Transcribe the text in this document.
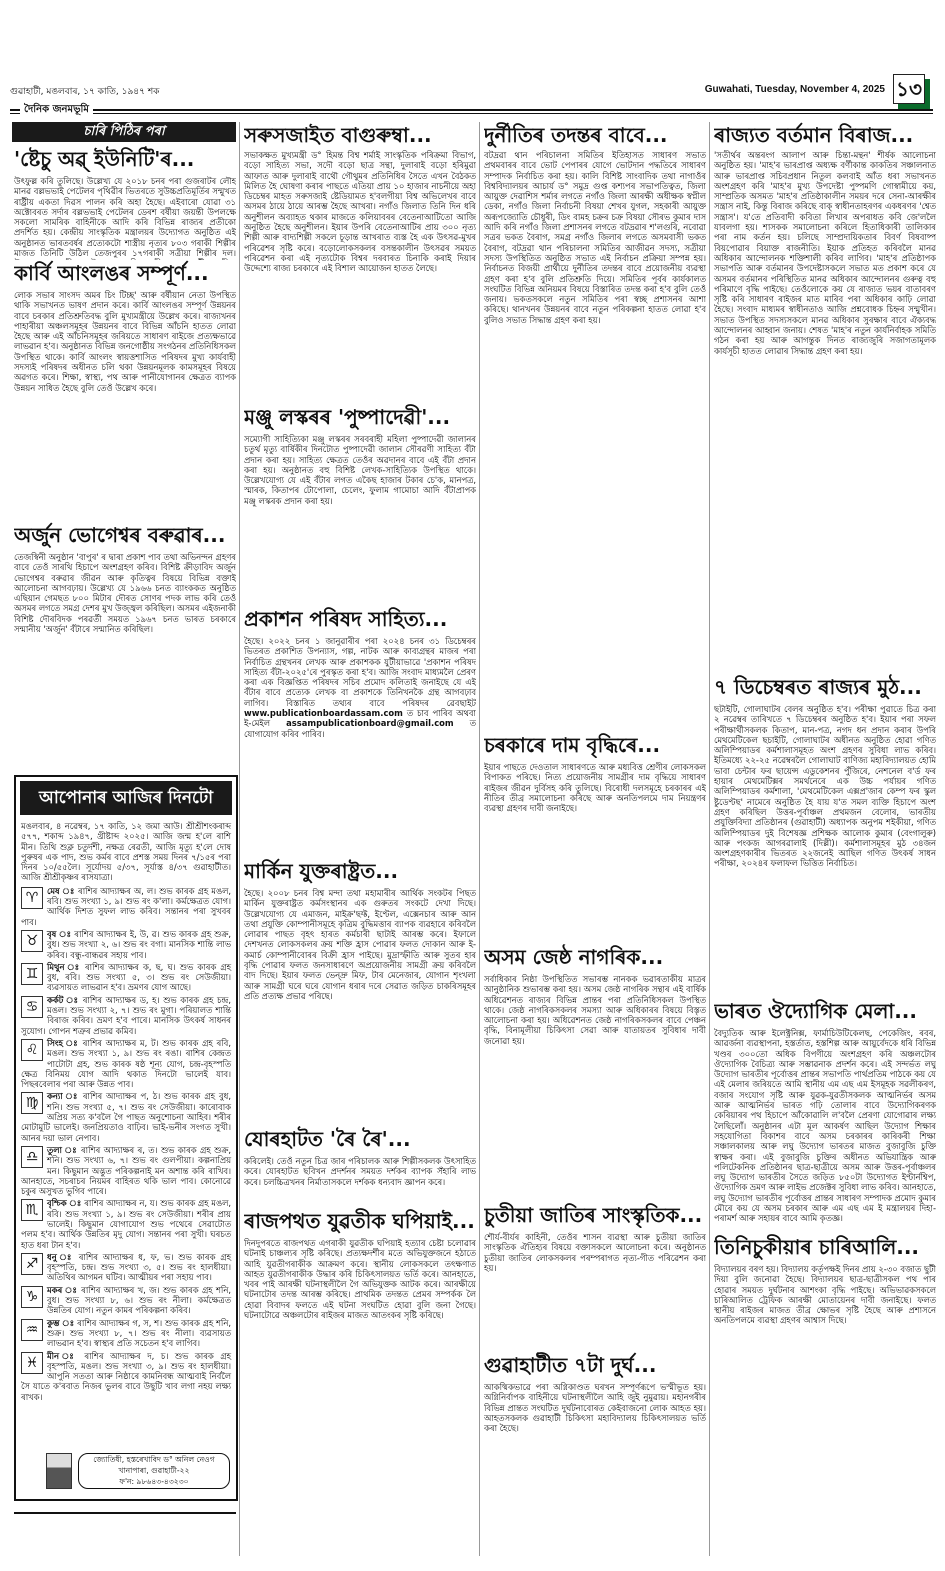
গুৱাহাটী, মঙলবাৰ, ১৭ কাতি, ১৯৪৭ শক	Guwahati, Tuesday, November 4, 2025 ১৩
দৈনিক জনমভূমি
চাৰি পিঠিৰ পৰা
'ষ্টেচু অৱ্ ইউনিটি'ৰ...
উৎফুল্ল কৰি তুলিছে। উল্লেখ্য যে ২০১৮ চনৰ পৰা গুজৰাটৰ লৌহ মানৱ বল্লভভাই পেটেলৰ পৃথিৱীৰ ভিতৰতে সুউচ্চপ্ৰতিমূৰ্তিৰ সন্মুখত ৰাষ্ট্ৰীয় একতা দিৱস পালন কৰি অহা হৈছে। এইবাৰো যোৱা ৩১ অক্টোবৰত সৰ্দাৰ বল্লভভাই পেটেলৰ ডেৰশ বৰ্ষীয়া জয়ন্তী উপলক্ষে সকলো সামৰিক বাহিনীকে আদি কৰি বিভিন্ন ৰাজ্যৰ প্ৰতীকো প্ৰদৰ্শিত হয়। কেন্দ্ৰীয় সাংস্কৃতিক মন্ত্ৰালয়ৰ উদ্যোগত অনুষ্ঠিত এই অনুষ্ঠানত ভাৰতবৰ্ষৰ প্ৰত্যেকটো শাস্ত্ৰীয় নৃত্যৰ ৮০৩ গৰাকী শিল্পীৰ মাজত তিনিটি উঠিল তেজপুৰৰ ১৭গৰাকী সত্ৰীয়া শিল্পীৰ দল।
কাৰ্বি আংলঙৰ সম্পূৰ্ণ...
লোক সভাৰ সাংসদ অমৰ চিং টিচ্ছ' আৰু বৰ্ষীয়ান নেতা উপস্থিত থাকি সভাখনত ভাষণ প্ৰদান কৰে। কাৰ্বি আংলঙৰ সম্পূৰ্ণ উন্নয়নৰ বাবে চৰকাৰ প্ৰতিশ্ৰুতিবদ্ধ বুলি মুখ্যমন্ত্ৰীয়ে উল্লেখ কৰে। ৰাজ্যখনৰ পাহাৰীয়া অঞ্চলসমূহৰ উন্নয়নৰ বাবে বিভিন্ন আঁচনি হাতত লোৱা হৈছে আৰু এই আঁচনিসমূহৰ জৰিয়তে সাধাৰণ ৰাইজে প্ৰত্যক্ষভাৱে লাভৱান হ'ব। অনুষ্ঠানত বিভিন্ন জনগোষ্ঠীয় সংগঠনৰ প্ৰতিনিধিসকল উপস্থিত থাকে। কাৰ্বি আংলং স্বায়ত্তশাসিত পৰিষদৰ মুখ্য কাৰ্যবাহী সদস্যই পৰিষদৰ অধীনত চলি থকা উন্নয়নমূলক কামসমূহৰ বিষয়ে অৱগত কৰে। শিক্ষা, স্বাস্থ্য, পথ আৰু পানীযোগানৰ ক্ষেত্ৰত ব্যাপক উন্নয়ন সাধিত হৈছে বুলি তেওঁ উল্লেখ কৰে।
অৰ্জুন ভোগেশ্বৰ বৰুৱাৰ...
তেজস্বিনী অনুষ্ঠান 'বাপুৰ' ৰ দ্বাৰা প্ৰকাশ পাব তথা অভিনন্দন গ্ৰহণৰ বাবে তেওঁ সাৰথি হিচাপে অংশগ্ৰহণ কৰিব। বিশিষ্ট ক্ৰীড়াবিদ অৰ্জুন ভোগেশ্বৰ বৰুৱাৰ জীৱন আৰু কৃতিত্বৰ বিষয়ে বিভিন্ন বক্তাই আলোচনা আগবঢ়ায়। উল্লেখ্য যে ১৯৬৬ চনত ব্যাংককত অনুষ্ঠিত এছিয়ান গেমছত ৮০০ মিটাৰ দৌৰত সোণৰ পদক লাভ কৰি তেওঁ অসমৰ লগতে সমগ্ৰ দেশৰ মুখ উজ্জ্বল কৰিছিল। অসমৰ এইজনাকী বিশিষ্ট দৌৰবিদক পৰৱৰ্তী সময়ত ১৯৬৭ চনত ভাৰত চৰকাৰে সন্মানীয় 'অৰ্জুন' বঁটাৰে সন্মানিত কৰিছিল।
আপোনাৰ আজিৰ দিনটো
মঙলবাৰ, ৪ নৱেম্বৰ, ১৭ কাতি, ১২ জমা আউ। শ্ৰীশ্ৰীশংকৰাব্দ ৫৭৭, শকাব্দ ১৯৪৭, খ্ৰীষ্টাব্দ ২০২৫। আজি জন্ম হ'লে ৰাশি মীন। তিথি শুক্ল চতুৰ্দশী, নক্ষত্ৰ ৰেৱতী, আজি মৃত্যু হ'লে দোষ পুৰুষৰ এক পাদ, শুভ কৰ্মৰ বাবে প্ৰশস্ত সময় দিনৰ ৭/১৫ৰ পৰা দিনৰ ১০/৫৫লৈ। সূৰ্যোদয় ৫/৩৭, সূৰ্যাস্ত ৪/৩৭ গুৱাহাটীত। আজি শ্ৰীশ্ৰীকৃষ্ণৰ ৰাসযাত্ৰা।
♈	মেষ ঃ ৰাশিৰ আদ্যাক্ষৰ অ, ল। শুভ কাৰক গ্ৰহ মঙল, ৰবি। শুভ সংখ্যা ১, ৯। শুভ ৰং ক'লা। কৰ্মক্ষেত্ৰত যোগ। আৰ্থিক দিশত সুফল লাভ কৰিব। সন্তানৰ পৰা সুখবৰ পাব।
♉	বৃষ ঃ ৰাশিৰ আদ্যাক্ষৰ ই, উ, ৱ। শুভ কাৰক গ্ৰহ শুক্ৰ, বুধ। শুভ সংখ্যা ২, ৬। শুভ ৰং বগা। মানসিক শান্তি লাভ কৰিব। বন্ধু-বান্ধৱৰ সহায় পাব।
♊	মিথুন ঃ ৰাশিৰ আদ্যাক্ষৰ ক, ছ, ঘ। শুভ কাৰক গ্ৰহ বুধ, ৰবি। শুভ সংখ্যা ৫, ৩। শুভ ৰং সেউজীয়া। ব্যৱসায়ত লাভৱান হ'ব। ভ্ৰমণৰ যোগ আছে।
♋	কৰ্কট ঃ ৰাশিৰ আদ্যাক্ষৰ ড, হ। শুভ কাৰক গ্ৰহ চন্দ্ৰ, মঙল। শুভ সংখ্যা ২, ৭। শুভ ৰং মুগা। পৰিয়ালত শান্তি বিৰাজ কৰিব। ভ্ৰমণ হ'ব পাৰে। মানসিক উৎকৰ্ষ সাধনৰ সুযোগ। গোপন শত্ৰুৰ প্ৰভাৱ কমিব।
♌	সিংহ ঃ ৰাশিৰ আদ্যাক্ষৰ ম, ট। শুভ কাৰক গ্ৰহ ৰবি, মঙল। শুভ সংখ্যা ১, ৯। শুভ ৰং ৰঙা। ৰাশিৰ কেন্দ্ৰত পাটোটা গ্ৰহ, শুভ কাৰক ষষ্ঠ শূন্য যোগ, চন্দ্ৰ-বৃহস্পতি ক্ষেত্ৰ বিনিময় যোগ আদি থকাত দিনটো ভালেই যাব। পিছৰবেলাৰ পৰা আৰু উন্নত পাব।
♍	কন্যা ঃ ৰাশিৰ আদ্যাক্ষৰ প, ঠ। শুভ কাৰক গ্ৰহ বুধ, শনি। শুভ সংখ্যা ৫, ৭। শুভ ৰং সেউজীয়া। কাৰোবাক অপ্ৰিয় সত্য ক'বলৈ গৈ পাছত অনুশোচনা আহিব। শৰীৰ মোটামুটি ভালেই। জনপ্ৰিয়তাও বাঢ়িব। ভাই-ভনীৰ সংগত সুখী। আনৰ দয়া ভাল নেপাব।
♎	তুলা ঃ ৰাশিৰ আদ্যাক্ষৰ ৰ, ত। শুভ কাৰক গ্ৰহ শুক্ৰ, শনি। শুভ সংখ্যা ৬, ৭। শুভ ৰং গুলপীয়া। কল্পনাপ্ৰিয় মন। কিছুমান অদ্ভুত পৰিকল্পনাই মন অশান্ত কৰি ৰাখিব। আনহাতে, সচৰাচৰ নিয়মৰ বাহিৰত থকি ভাল পাব। কোনোৱে চকুৰ অসুখত ভুগিব পাৰে।
♏	বৃশ্চিক ঃ ৰাশিৰ আদ্যাক্ষৰ ন, য। শুভ কাৰক গ্ৰহ মঙল, ৰবি। শুভ সংখ্যা ১, ৯। শুভ ৰং সেউজীয়া। শৰীৰ প্ৰায় ভালেই। কিছুমান যোগাযোগ শুভ পথেৰে সেৱাটোত পলম হ'ব। আৰ্থিক উন্নতিৰ মৃদু যোগ। সন্তানৰ পৰা সুখী। ঘৰচত হাত ধৰা টান হ'ব।
♐	ধনু ঃ ৰাশিৰ আদ্যাক্ষৰ ধ, ফ, ভ। শুভ কাৰক গ্ৰহ বৃহস্পতি, চন্দ্ৰ। শুভ সংখ্যা ৩, ৫। শুভ ৰং হালধীয়া। অতিথিৰ আগমন ঘটিব। আত্মীয়ৰ পৰা সহায় পাব।
♑	মকৰ ঃ ৰাশিৰ আদ্যাক্ষৰ খ, জ। শুভ কাৰক গ্ৰহ শনি, বুধ। শুভ সংখ্যা ৮, ৬। শুভ ৰং নীলা। কৰ্মক্ষেত্ৰত উন্নতিৰ যোগ। নতুন কামৰ পৰিকল্পনা কৰিব।
♒	কুম্ভ ঃ ৰাশিৰ আদ্যাক্ষৰ গ, স, শ। শুভ কাৰক গ্ৰহ শনি, শুক্ৰ। শুভ সংখ্যা ৮, ৭। শুভ ৰং নীলা। ব্যৱসায়ত লাভৱান হ'ব। স্বাস্থ্যৰ প্ৰতি সচেতন হ'ব লাগিব।
♓	মীন ঃ ৰাশিৰ আদ্যাক্ষৰ দ, চ। শুভ কাৰক গ্ৰহ বৃহস্পতি, মঙল। শুভ সংখ্যা ৩, ৯। শুভ ৰং হালধীয়া। আপুনি সততা আৰু নিষ্ঠাৰে কামনিবন্ধ আত্মবাই নিৰ্বলৈ সৈ যাতে ক'ৰবাত নিজৰ ভুলৰ বাবে উছুটি খাব লগা নহয় লক্ষ্য ৰাখক।
জ্যোতিষী, হস্তৰেখাবিদ ড° অনিল নেওগ
খানাপাৰা, গুৱাহাটী-২২
ফ'ন: ৯৮৬৪৩-৪৩২৩০
সৰুসজাইত বাগুৰুম্বা...
সভাকক্ষত মুখ্যমন্ত্ৰী ড° হিমন্ত বিশ্ব শৰ্মাই সাংস্কৃতিক পৰিক্ৰমা বিভাগ, বড়ো সাহিত্য সভা, সদৌ বড়ো ছাত্ৰ সন্থা, দুলাৰাই বড়ো হৰিমুৱা আফাত আৰু দুলাৰাই বাথৌ গৌথুমৰ প্ৰতিনিধিৰ সৈতে এখন বৈঠকত মিলিত হৈ ঘোষণা কৰাৰ পাছতে এতিয়া প্ৰায় ১০ হাজাৰ নাচনীয়ে অহা ডিচেম্বৰ মাহত সৰুসজাই ষ্টেডিয়ামত হ'বলগীয়া বিশ্ব অভিলেখৰ বাবে অসমৰ ঠায়ে ঠায়ে আৰম্ভ হৈছে আখৰা। নগাঁও জিলাত তিনি দিন ধৰি অনুশীলন অব্যাহত থকাৰ মাজতে কলিয়াবৰৰ বেতেনাআটিতো আজি অনুষ্ঠিত হৈছে অনুশীলন। ইয়াৰ উপৰি বেতেনাআটিৰ প্ৰায় ৩০০ নৃত্য শিল্পী আৰু বাদ্যশিল্পী সকলে চূড়ান্ত আখৰাত ব্যস্ত হৈ এক উৎসৱ-মুখৰ পৰিৱেশৰ সৃষ্টি কৰে। বড়োলোকসকলৰ বসন্তকালীন উৎসৱৰ সময়ত পৰিৱেশন কৰা এই নৃত্যটোক বিশ্বৰ দৰবাৰত চিনাকি কৰাই দিয়াৰ উদ্দেশ্যে ৰাজ্য চৰকাৰে এই বিশাল আয়োজন হাতত লৈছে।
মঞ্জু লস্কৰৰ 'পুষ্পাদেৱী'...
সম্যোগী সাহিত্যিকা মঞ্জু লস্কৰৰ সৰবৰাহী মহিলা পুষ্পাদেৱী জালানৰ চতুৰ্থ মৃত্যু বাৰ্ষিকীৰ দিনটোত পুষ্পাদেৱী জালান সৌৰৱণী সাহিত্য বঁটা প্ৰদান কৰা হয়। সাহিত্য ক্ষেত্ৰত তেওঁৰ অৱদানৰ বাবে এই বঁটা প্ৰদান কৰা হয়। অনুষ্ঠানত বহু বিশিষ্ট লেখক-সাহিত্যিক উপস্থিত থাকে। উল্লেখযোগ্য যে এই বঁটাৰ লগত একৈছ হাজাৰ টকাৰ চে'ক, মানপত্ৰ, স্মাৰক, কিতাপৰ টোপোলা, চেলেং, ফুলাম গামোচা আদি বঁটাপ্ৰাপক মঞ্জু লস্কৰক প্ৰদান কৰা হয়।
প্ৰকাশন পৰিষদ সাহিত্য...
হৈছে। ২০২২ চনৰ ১ জানুৱাৰীৰ পৰা ২০২৪ চনৰ ৩১ ডিচেম্বৰৰ ভিতৰত প্ৰকাশিত উপন্যাস, গল্প, নাটক আৰু কাব্যগ্ৰন্থৰ মাজৰ পৰা নিৰ্বাচিত গ্ৰন্থখনৰ লেখক আৰু প্ৰকাশকক যুটীয়াভাৱে 'প্ৰকাশন পৰিষদ সাহিত্য বঁটা-২০২৫'ৰে পুৰস্কৃত কৰা হ'ব। আজি সংবাদ মাধ্যমলৈ প্ৰেৰণ কৰা এক বিজ্ঞপ্তিত পৰিষদৰ সচিব প্ৰমোদ কলিতাই জনাইছে যে এই বঁটাৰ বাবে প্ৰত্যেক লেখক বা প্ৰকাশকে তিনিখনকৈ গ্ৰন্থ আগবঢ়াব লাগিব। বিস্তাৰিত তথ্যৰ বাবে পৰিষদৰ ৱেবছাইট www.publicationboardassam.com ত চাব পাৰিব অথবা ই-মেইল assampublicationboard@gmail.com ত যোগাযোগ কৰিব পাৰিব।
মাৰ্কিন যুক্তৰাষ্ট্ৰত...
হৈছে। ২০০৮ চনৰ বিশ্ব মন্দা তথা মহামাৰীৰ আৰ্থিক সংকটৰ পিছত মাৰ্কিন যুক্তৰাষ্ট্ৰত কৰ্মসংস্থানৰ এক গুৰুতৰ সংকটে দেখা দিছে। উল্লেখযোগ্য যে এমাজন, মাইক্ৰ'ছফ্ট, ইণ্টেল, এক্সেনচাৰ আৰু আন তথা প্ৰযুক্তি কোম্পানীসমূহে কৃত্ৰিম বুদ্ধিমত্তাৰ ব্যাপক ব্যৱহাৰে কৰিবলৈ লোৱাৰ পাছত বৃহৎ হাৰত কৰ্মচাৰী ছাটাই আৰম্ভ কৰে। ইফালে দেশখনত লোকসকলৰ ক্ৰয় শক্তি হ্ৰাস পোৱাৰ ফলত দোকান আৰু ই-কমাৰ্চ কোম্পানীবোৰৰ বিক্ৰী হ্ৰাস পাইছে। মুদ্ৰাস্ফীতি আৰু সুতৰ হাৰ বৃদ্ধি পোৱাৰ ফলত জনসাধাৰণে অপ্ৰয়োজনীয় সামগ্ৰী ক্ৰয় কৰিবলৈ বাদ দিছে। ইয়াৰ ফলত ভেন্দ্ৰু মিফ, টাৰ মেনেজাৰ, যোগান শৃংখলা আৰু সামগ্ৰী ঘৰে ঘৰে যোগান ধৰাৰ দৰে সেৱাত জড়িত চাকৰিসমূহৰ প্ৰতি প্ৰত্যক্ষ প্ৰভাৱ পৰিছে।
যোৰহাটত 'ৰৈ ৰৈ'...
কৰিলেই। তেওঁ নতুন চিত্ৰ জাৰ পৰিচালক আৰু শিল্পীসকলক উৎসাহিত কৰে। যোৰহাটত ছবিখন প্ৰদৰ্শনৰ সময়ত দৰ্শকৰ ব্যাপক সঁহাৰি লাভ কৰে। চলচ্চিত্ৰখনৰ নিৰ্মাতাসকলে দৰ্শকক ধন্যবাদ জ্ঞাপন কৰে।
ৰাজপথত যুৱতীক ঘপিয়াই...
দিনদুপৰতে ৰাজপথত এগৰাকী যুৱতীক ঘপিয়াই হত্যাৰ চেষ্টা চলোৱাৰ ঘটনাই চাঞ্চল্যৰ সৃষ্টি কৰিছে। প্ৰত্যক্ষদৰ্শীৰ মতে অভিযুক্তজনে হঠাতে আহি যুৱতীগৰাকীক আক্ৰমণ কৰে। স্থানীয় লোকসকলে তৎক্ষণাত আহত যুৱতীগৰাকীক উদ্ধাৰ কৰি চিকিৎসালয়ত ভৰ্তি কৰে। আনহাতে, খবৰ পাই আৰক্ষী ঘটনাস্থলীলৈ গৈ অভিযুক্তক আটক কৰে। আৰক্ষীয়ে ঘটনাটোৰ তদন্ত আৰম্ভ কৰিছে। প্ৰাথমিক তদন্তত প্ৰেমৰ সম্পৰ্কক লৈ হোৱা বিবাদৰ ফলতে এই ঘটনা সংঘটিত হোৱা বুলি জনা গৈছে। ঘটনাটোৱে অঞ্চলটোৰ ৰাইজৰ মাজত আতংকৰ সৃষ্টি কৰিছে।
দুৰ্নীতিৰ তদন্তৰ বাবে...
বটদ্ৰৱা থান পৰিচালনা সমিতিৰ ইতিহাসত সাধাৰণ সভাত প্ৰথমবাৰৰ বাবে ভোট পেপাৰৰ যোগে ভোটদান পদ্ধতিৰে সাধাৰণ সম্পাদক নিৰ্বাচিত কৰা হয়। কালি বিশিষ্ট সাংবাদিক তথা নাগাওঁৰ বিশ্ববিদ্যালয়ৰ আচাৰ্য ড° সমুদ্ৰ গুপ্ত কশ্যপৰ সভাপতিত্বত, জিলা আয়ুক্ত দেৱাশিস শৰ্মাৰ লগতে নগাঁও জিলা আৰক্ষী অধীক্ষক স্বপ্নীল ডেকা, নগাঁও জিলা নিৰ্বাচনী বিষয়া শেখৰ যুগল, সহকাৰী আয়ুক্ত অৰূপজ্যোতি চৌধুৰী, ডিং বামহ চক্ৰৰ চক্ৰ বিষয়া সৌৰভ কুমাৰ দাস আদি কৰি নগাঁও জিলা প্ৰশাসনৰ লগতে বটদ্ৰৱাৰ শ'লগুৰি, নবোৱা সত্ৰৰ ভকত বৈৰাগ, সমগ্ৰ নগাঁও জিলাৰ লগতে অসমবাসী ভকত বৈৰাগ, বটদ্ৰৱা থান পৰিচালনা সমিতিৰ আজীৱন সদস্য, সত্ৰীয়া সদস্য উপস্থিতিত অনুষ্ঠিত সভাত এই নিৰ্বাচন প্ৰক্ৰিয়া সম্পন্ন হয়। নিৰ্বাচনত বিজয়ী প্ৰাৰ্থীয়ে দুৰ্নীতিৰ তদন্তৰ বাবে প্ৰয়োজনীয় ব্যৱস্থা গ্ৰহণ কৰা হ'ব বুলি প্ৰতিশ্ৰুতি দিয়ে। সমিতিৰ পূৰ্বৰ কাৰ্যকালত সংঘটিত বিভিন্ন অনিয়মৰ বিষয়ে বিস্তাৰিত তদন্ত কৰা হ'ব বুলি তেওঁ জনায়। ভকতসকলে নতুন সমিতিৰ পৰা স্বচ্ছ প্ৰশাসনৰ আশা কৰিছে। থানখনৰ উন্নয়নৰ বাবে নতুন পৰিকল্পনা হাতত লোৱা হ'ব বুলিও সভাত সিদ্ধান্ত গ্ৰহণ কৰা হয়।
চৰকাৰে দাম বৃদ্ধিৰে...
ইয়াৰ পাছতে দেওতাল সাধাৰণতে আৰু মধ্যবিত্ত শ্ৰেণীৰ লোকসকল বিপাকত পৰিছে। নিত্য প্ৰয়োজনীয় সামগ্ৰীৰ দাম বৃদ্ধিয়ে সাধাৰণ ৰাইজৰ জীৱন দুৰ্বিসহ কৰি তুলিছে। বিৰোধী দলসমূহে চৰকাৰৰ এই নীতিৰ তীব্ৰ সমালোচনা কৰিছে আৰু অনতিপলমে দাম নিয়ন্ত্ৰণৰ ব্যৱস্থা গ্ৰহণৰ দাবী জনাইছে।
অসম জেষ্ঠ নাগৰিক...
সৰ্বাধিকাৰ নিষ্ঠা উপস্থিতিত সভাৰম্ভ নানকক ভৱাৰতাকীয় মাত্ৰৰ আনুষ্ঠানিক শুভাৰম্ভ কৰা হয়। অসম জেষ্ঠ নাগৰিক সন্থাৰ এই বাৰ্ষিক অধিৱেশনত ৰাজ্যৰ বিভিন্ন প্ৰান্তৰ পৰা প্ৰতিনিধিসকল উপস্থিত থাকে। জেষ্ঠ নাগৰিকসকলৰ সমস্যা আৰু অধিকাৰৰ বিষয়ে বিস্তৃত আলোচনা কৰা হয়। অধিৱেশনত জেষ্ঠ নাগৰিকসকলৰ বাবে পেঞ্চন বৃদ্ধি, বিনামূলীয়া চিকিৎসা সেৱা আৰু যাতায়তৰ সুবিধাৰ দাবী জনোৱা হয়।
চুতীয়া জাতিৰ সাংস্কৃতিক...
শৌৰ্য-বীৰ্যৰ কাহিনী, তেওঁৰ শাসন ব্যৱস্থা আৰু চুতীয়া জাতিৰ সাংস্কৃতিক ঐতিহ্যৰ বিষয়ে বক্তাসকলে আলোচনা কৰে। অনুষ্ঠানত চুতীয়া জাতিৰ লোকসকলৰ পৰম্পৰাগত নৃত্য-গীত পৰিৱেশন কৰা হয়।
গুৱাহাটীত ৭টা দুৰ্ঘ...
আকষ্মিকভাৱে পৰা অগ্নিকাণ্ডত ঘৰখন সম্পূৰ্ণৰূপে ভস্মীভূত হয়। অগ্নিনিৰ্বাপক বাহিনীয়ে ঘটনাস্থলীলৈ আহি জুই নুমুৱায়। মহানগৰীৰ বিভিন্ন প্ৰান্তত সংঘটিত দুৰ্ঘটনাবোৰত কেইবাজনো লোক আহত হয়। আহতসকলক গুৱাহাটী চিকিৎসা মহাবিদ্যালয় চিকিৎসালয়ত ভৰ্তি কৰা হৈছে।
ৰাজ্যত বৰ্তমান বিৰাজ...
'সতীৰ্থৰ অন্তৰংগ আলাপ আৰু চিন্তা-মন্থন' শীৰ্ষক আলোচনা অনুষ্ঠিত হয়। 'মাহ'ৰ ভাৰপ্ৰাপ্ত অধ্যক্ষ বৰ্ণীকান্ত কাকতিৰ সঞ্চালনাত আৰু ভাৰপ্ৰাপ্ত সচিবপ্ৰধান নিতুল কলবাই আঁত ধৰা সভাখনত অংশগ্ৰহণ কৰি 'মাহ'ৰ মুখ্য উপদেষ্টা পুষ্পমণি গোস্বামীয়ে কয়, সাম্প্ৰতিক অসমত 'মাহ'ৰ প্ৰতিষ্ঠাকালীন সময়ৰ দৰে সেনা-আৰক্ষীৰ সন্ত্ৰাস নাই, কিন্তু বিৰাজ কৰিছে বাক্ স্বাধীনতাহৰণৰ একধৰণৰ 'শ্বেত সন্ত্ৰাস'। য'তে প্ৰতিবাদী কবিতা লিখাৰ অপৰাধত কবি জে'ললৈ যাবলগা হয়। শাসকক সমালোচনা কৰিলে হিতাধিকাৰী তালিকাৰ পৰা নাম কৰ্তন হয়। চলিছে সাম্প্ৰদায়িকতাৰ বিবৰ্ণ বিষবাষ্প বিয়পোৱাৰ বিয়াক্ত ৰাজনীতি। ইয়াক প্ৰতিহত কৰিবলৈ মানৱ অধিকাৰ আন্দোলনক শক্তিশালী কৰিব লাগিব। 'মাহ'ৰ প্ৰতিষ্ঠাপক সভাপতি আৰু বৰ্তমানৰ উপদেষ্টাসকলে সভাত মত প্ৰকাশ কৰে যে অসমৰ বৰ্তমানৰ পৰিস্থিতিত মানৱ অধিকাৰ আন্দোলনৰ গুৰুত্ব বহু পৰিমাণে বৃদ্ধি পাইছে। তেওঁলোকে কয় যে ৰাজ্যত ভয়ৰ বাতাবৰণ সৃষ্টি কৰি সাধাৰণ ৰাইজৰ মাত মাৰিব পৰা অধিকাৰ কাঢ়ি লোৱা হৈছে। সংবাদ মাধ্যমৰ স্বাধীনতাও আজি প্ৰশ্নবোধক চিহ্নৰ সন্মুখীন। সভাত উপস্থিত সদস্যসকলে মানৱ অধিকাৰ সুৰক্ষাৰ বাবে ঐক্যবদ্ধ আন্দোলনৰ আহ্বান জনায়। শেষত 'মাহ'ৰ নতুন কাৰ্যনিৰ্বাহক সমিতি গঠন কৰা হয় আৰু আগন্তুক দিনত ৰাজ্যজুৰি সজাগতামূলক কাৰ্যসূচী হাতত লোৱাৰ সিদ্ধান্ত গ্ৰহণ কৰা হয়।
৭ ডিচেম্বৰত ৰাজ্যৰ মুঠ...
ছটাইটি, গোলাঘাটৰ বেলৰ অনুষ্ঠিত হ'ব। পৰীক্ষা পুৱাতে চিত্ৰ কৰা ২ নৱেম্বৰ তাৰিখতে ৭ ডিচেম্বৰৰ অনুষ্ঠিত হ'ব। ইয়াৰ পৰা সফল পৰীক্ষাৰ্থীসকলক কিতাপ, মান-পত্ৰ, নগদ ধন প্ৰদান কৰাৰ উপৰি মেথমেটিকেল ছচাইটি, গোলাঘাটৰ অধীনত অনুষ্ঠিত হোৱা গণিত অলিম্পিয়াডৰ কৰ্মশালাসমূহত অংশ গ্ৰহণৰ সুবিধা লাভ কৰিব। ইতিমধ্যে ২২-২৫ নৱেম্বৰলৈ গোলাঘাট বাণিজ্য মহাবিদ্যালয়ত হোমি ভাবা চেন্টাৰ ফৰ ছায়েন্স এডুকেশনৰ পুঁজিৰে, নেশনেল ব'ৰ্ড ফৰ হায়াৰ মেথমেটিক্সৰ সমৰ্থনেৰে এক উচ্চ পৰ্যায়ৰ গণিত অলিম্পিয়াডৰ কৰ্মশালা, 'মেথমেটিকেল এক্সপ্ৰ'জাৰ কেম্প ফৰ স্কুল ষ্টুডেণ্টছ' নামেৰে অনুষ্ঠিত হৈ যায় য'ত সমল ব্যক্তি হিচাপে অংশ গ্ৰহণ কৰিছিল উত্তৰ-পূৰ্বাঞ্চল প্ৰথমজন বেলোৰ, ভাৰতীয় প্ৰযুক্তিবিদ্যা প্ৰতিষ্ঠানৰ (গুৱাহাটী) অধ্যাপক অনুপম শইকীয়া, গণিত অলিম্পিয়াডৰ দুই বিশেষজ্ঞ প্ৰশিক্ষক আলোক কুমাৰ (বেংগালুৰু) আৰু পংকজ আগৰৱালাই (দিল্লী)। কৰ্মশালাসমূহৰ মুঠ ৩৪জন অংশগ্ৰহণকাৰীৰ ভিতৰত ২২জনেই আছিল গণিত উৎকৰ্ষ সাধন পৰীক্ষা, ২০২৪ৰ ফলাফল ভিত্তিত নিৰ্বাচিত।
ভাৰত ঔদ্যোগিক মেলা...
বৈদ্যুতিক আৰু ইলেক্ট্ৰনিক্স, ফাৰ্মাচিউটিকেলছ, পেকেজিং, ৰবৰ, আৱৰ্জনা ব্যৱস্থাপনা, হস্তৰ্তাত, হস্তশিল্প আৰু আয়ুৰ্বেদকে ধৰি বিভিন্ন খণ্ডৰ ৩০০তো অধিক বিপণীয়ে অংশগ্ৰহণ কৰি অঞ্চলটোৰ ঔদ্যোগিক বৈচিত্ৰ্য আৰু সম্ভাৱনাক প্ৰদৰ্শন কৰে। এই সন্দৰ্ভত লঘু উদ্যোগ ভাৰতীৰ পূৰ্বোত্তৰ প্ৰান্তৰ সভাপতি পাৰ্থপ্ৰতিম পাঠকে কয় যে এই মেলাৰ জৰিয়তে আমি স্থানীয় এম এছ এম ইসমূহক সৱলীকৰণ, বজাৰ সংযোগ সৃষ্টি আৰু যুৱক-যুৱতীসকলক আত্মনিৰ্ভৰ অসম আৰু আত্মনিৰ্ভৰ ভাৰত গঢ়ি তোলাৰ বাবে উদ্যোগিকৰণক কেৰিয়াৰৰ পথ হিচাপে আঁকোৱালি ল'বলৈ প্ৰেৰণা যোগোৱাৰ লক্ষ্য লৈছিলোঁ। অনুষ্ঠানৰ এটা মূল আকৰ্ষণ আছিল উদ্যোগ শিক্ষাৰ সহযোগিতা বিকাশৰ বাবে অসম চৰকাৰৰ কাৰিকৰী শিক্ষা সঞ্চালকালয় আৰু লঘু উদ্যোগ ভাৰতৰ মাজত বুজাবুজি চুক্তি স্বাক্ষৰ কৰা। এই বুজাবুজি চুক্তিৰ অধীনত অভিযান্ত্ৰিক আৰু পলিটেকনিক প্ৰতিষ্ঠানৰ ছাত্ৰ-ছাত্ৰীয়ে অসম আৰু উত্তৰ-পূৰ্বাঞ্চলৰ লঘু উদ্যোগ ভাৰতীৰ সৈতে জড়িত ৮৫০টা উদ্যোগত ইণ্টাৰ্নশ্বিপ, ঔদ্যোগিক ভ্ৰমণ আৰু লাইভ প্ৰজেক্টৰ সুবিধা লাভ কৰিব। আনহাতে, লঘু উদ্যোগ ভাৰতীৰ পূৰ্বোত্তৰ প্ৰান্তৰ সাধাৰণ সম্পাদক প্ৰমোদ কুমাৰ মৌৰে কয় যে অসম চৰকাৰ আৰু এম এছ এম ই মন্ত্ৰালয়ৰ দিহা-পৰামৰ্শ আৰু সহায়ৰ বাবে আমি কৃতজ্ঞ।
তিনিচুকীয়াৰ চাৰিআলি...
বিদ্যালয়ৰ বৰণ হয়। বিদ্যালয় কৰ্তৃপক্ষই দিনৰ প্ৰায় ২-৩০ বজাত ছুটী দিয়া বুলি জনোৱা হৈছে। বিদ্যালয়ৰ ছাত্ৰ-ছাত্ৰীসকল পথ পাৰ হোৱাৰ সময়ত দুৰ্ঘটনাৰ আশংকা বৃদ্ধি পাইছে। অভিভাৱকসকলে চাৰিআলিত ট্ৰেফিক আৰক্ষী মোতায়েনৰ দাবী জনাইছে। ফলত স্থানীয় ৰাইজৰ মাজত তীব্ৰ ক্ষোভৰ সৃষ্টি হৈছে আৰু প্ৰশাসনে অনতিপলমে ব্যৱস্থা গ্ৰহণৰ আশ্বাস দিছে।
